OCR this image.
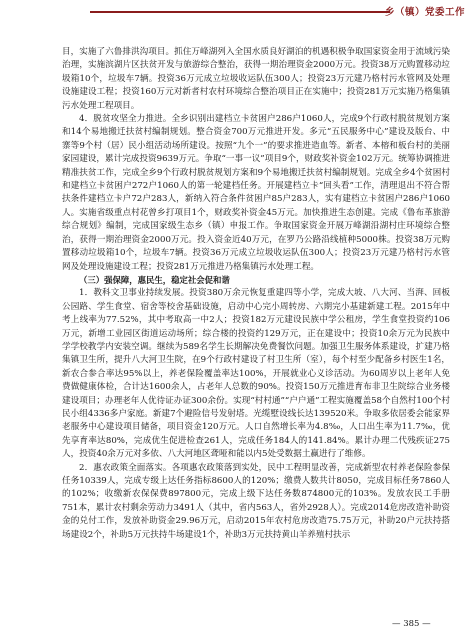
乡（镇）党委工作

目，实施了六鲁排洪沟项目。抓住万峰湖列入全国水质良好湖泊的机遇积极争取国家资金用于流域污染治理，实施滨湖片区扶贫开发与旅游综合整治，获得一期治理资金2000万元。投资38万元购置移动垃圾箱10个，垃圾车7辆。投资36万元成立垃圾收运队伍300人；投资23万元建乃格村污水管网及处理设施建设工程；投资160万元对新者村农村环境综合整治项目正在实施中；投资281万元实施乃格集镇污水处理工程项目。

4．脱贫攻坚全力推进。全乡识别出建档立卡贫困户286户1060人，完成9个行政村脱贫规划方案和14个易地搬迁扶贫村编制规划。整合资金700万元推进开发。多元“五民服务中心”建设及版台、中寨等9个村（居）民小组活动场所建设。按照“九个一”的要求推进造血等。新者、本榕和板台村的美丽家园建设，累计完成投资9639万元。争取“一事一议”项目9个，财政奖补资金102万元。统筹协调推进精准扶贫工作，完成全乡9个行政村脱贫规划方案和9个易地搬迁扶贫村编制规划。完成全乡4个贫困村和建档立卡贫困户272户1060人的第一轮建档任务。开展建档立卡“回头看”工作，清理退出不符合帮扶条件建档立卡户72户283人，新纳入符合条件贫困户85户283人，实有建档立卡贫困户286户1060人。实施省级重点村花曾乡打项目1个，财政奖补资金45万元。加快推进生态创建。完成《鲁布革旅游综合规划》编制，完成国家级生态乡（镇）申报工作。争取国家资金开展万峰湖沿湖村庄环境综合整治，获得一期治理资金2000万元。投入资金近40万元，在罗乃公路沿线植种5000株。投资38万元购置移动垃圾箱10个，垃圾车7辆。投资36万元成立垃圾收运队伍300人；投资23万元建乃格村污水管网及处理设施建设工程；投资281万元推进乃格集镇污水处理工程。

（三）强保障，惠民生，稳定社会促和谐

1．教科文卫事业持续发展。投资380万余元恢复重建四等小学，完成大坡、八大河、当湃、回板公园路、学生食堂、宿舍等校舍基础设施，启动中心完小周转房、六期完小基建新建工程。2015年中考上线率为77.52%，其中考取高一中2人；投资182万元建设民族中学公租房，学生食堂投资约106万元，新增工业园区街道运动场所；综合楼的投资约129万元，正在建设中；投资10余万元为民族中学学校教学内安装空调。继续为589名学生长期解决免费餐饮问题。加强卫生服务体系建设，扩建乃格集镇卫生所，提升八大河卫生院，在9个行政村建设了村卫生所（室），每个村至少配备乡村医生1名，新农合参合率达95%以上，养老保险覆盖率达100%，开展就业心义诊活动。为60周岁以上老年人免费做健康体检，合计达1600余人，占老年人总数的90%。投资150万元推进育布非卫生院综合业务楼建设项目；办理老年人优待证办证300余份。实现“村村通”“户户通”工程实施覆盖58个自然村100个村民小组4336多户家庭。新建7个避险信号发射塔。光缆墅设线长达139520米。争取多依居委会能家界老服务中心建设项目储备，项目资金120万元。人口自然增长率为4.8‰，人口出生率为11.7‰，优先享育率达80%，完成优生促进检查261人，完成任务184人的141.84%。累计办理二代残疾证275人，投资40余万元对多依、八大河地区聋哑和能以内5处受数据土赢进行了维修。

2．惠农政策全面落实。各项惠农政策落到实处，民中工程明显改善，完成新型农村养老保险参保任务10339人，完成专级上达任务指标8600人的120%；缴费人数共计8050，完成目标任务7860人的102%；收缴新农保保费897800元，完成上级下达任务数874800元的103%。发放农民工手册751本，累计农村剩余劳动力3491人（其中，省内563人，省外2928人）。完成2014危房改造补助资金的兑付工作，发放补助资金29.96万元，启动2015年农村危房改造75.75万元，补助20户元扶持搭场建设2个，补助5万元扶持牛场建设1个，补助3万元扶持黄山羊养殖村扶示

— 385 —
